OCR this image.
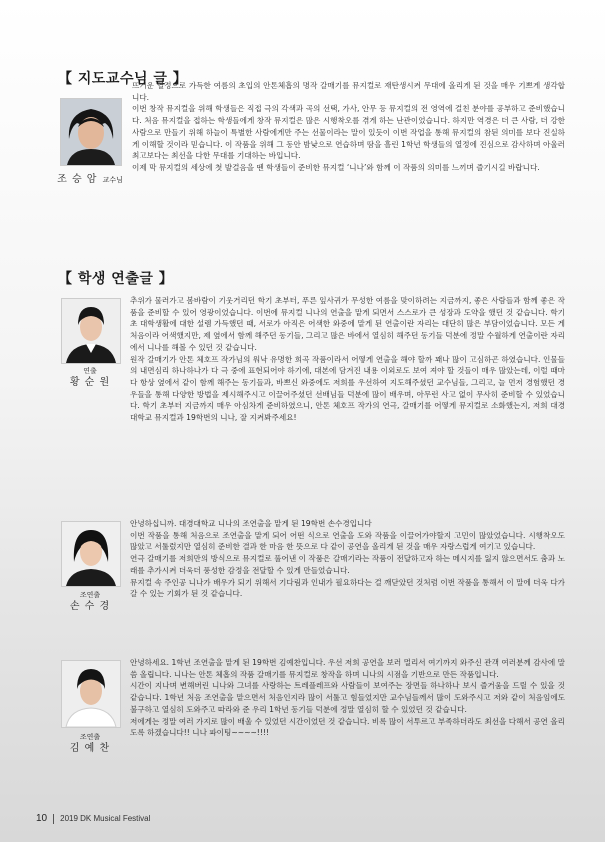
【 지도교수님 글 】
조 승 암 교수님

뜨거운 열정으로 가득한 여름의 초입의 안톤체홉의 명작 갈매기를 뮤지컬로 재탄생시켜 무대에 올리게 된 것을 매우 기쁘게 생각합니다.

이번 창작 뮤지컬을 위해 학생들은 직접 극의 각색과 곡의 선택, 가사, 안무 등 뮤지컬의 전 영역에 걸친 분야를 공부하고 준비했습니다. 처음 뮤지컬을 접하는 학생들에게 창작 뮤지컬은 많은 시행착오를 겪게 하는 난관이었습니다. 하지만 역경은 더 큰 사람, 더 강한 사람으로 만들기 위해 하늘이 특별한 사람에게만 주는 선물이라는 말이 있듯이 이번 작업을 통해 뮤지컬의 참된 의미를 보다 진실하게 이해할 것이라 믿습니다. 이 작품을 위해 그 동안 밤낮으로 연습하며 땀을 흘린 1학년 학생들의 열정에 진심으로 감사하며 아울러 최고보다는 최선을 다한 무대를 기대하는 바입니다.

이제 막 뮤지컬의 세상에 첫 발걸음을 뗀 학생들이 준비한 뮤지컬 ‘니나’와 함께 이 작품의 의미를 느끼며 즐기시길 바랍니다.

【 학생 연출글 】
연출
황 순 원

추위가 물러가고 봄바람이 기웃거리던 학기 초부터, 푸른 잎사귀가 무성한 여름을 맞이하려는 지금까지, 좋은 사람들과 함께 좋은 작품을 준비할 수 있어 영광이었습니다. 이번에 뮤지컬 니나의 연출을 맡게 되면서 스스로가 큰 성장과 도약을 했던 것 같습니다. 학기 초 대학생활에 대한 설렘 가득했던 때, 서로가 아직은 어색한 와중에 맡게 된 연출이란 자리는 대단히 많은 부담이었습니다. 모든 게 처음이라 어색했지만, 제 옆에서 함께 해주던 동기들, 그리고 많은 바에서 열심히 해주던 동기들 덕분에 정말 수월하게 연출이란 자리에서 니나를 해볼 수 있던 것 같습니다.

원작 갈매기가 안톤 체호프 작가님의 워낙 유명한 희곡 작품이라서 어떻게 연출을 해야 할까 꽤나 많이 고심하곤 하였습니다. 인물들의 내면심리 하나하나가 다 극 중에 표현되어야 하기에, 대본에 담겨진 내용 이외로도 보여 져야 할 것들이 매우 많았는데, 이럴 때마다 항상 옆에서 같이 함께 해주는 동기들과, 바쁘신 와중에도 저희를 우선하여 지도해주셨던 교수님들, 그리고, 늘 먼저 경험했던 경우들을 통해 다양한 방법을 제시해주시고 이끌어주셨던 선배님들 덕분에 많이 배우며, 아무런 사고 없이 무사히 준비할 수 있었습니다. 학기 초부터 지금까지 매우 아심차게 준비하였으니, 안톤 체호프 작가의 연극, 갈매기를 어떻게 뮤지컬로 소화했는지, 저희 대경대학교 뮤지컬과 19학번의 니나, 잘 지켜봐주세요!

조연출
손 수 경

안녕하십니까. 대경대학교 니나의 조연출을 맡게 된 19학번 손수경입니다

이번 작품을 통해 처음으로 조연출을 맡게 되어 어떤 식으로 연출을 도와 작품을 이끌어가야할지 고민이 많았었습니다. 시행착오도 많았고 서툴렀지만 열심히 준비한 결과 한 마음 한 뜻으로 다 같이 공연을 올리게 된 것을 매우 자랑스럽게 여기고 있습니다.

연극 갈매기를 저희만의 방식으로 뮤지컬로 풀어낸 이 작품은 갈매기라는 작품이 전달하고자 하는 메시지를 잃지 않으면서도 춤과 노래를 추가시켜 더욱더 풍성한 감정을 전달할 수 있게 만들었습니다.

뮤지컬 속 주인공 니나가 배우가 되기 위해서 기다림과 인내가 필요하다는 걸 깨닫았던 것처럼 이번 작품을 통해서 이 말에 더욱 다가갈 수 있는 기회가 된 것 같습니다.

조연출
김 예 찬

안녕하세요. 1학년 조연출을 맡게 된 19학번 김예찬입니다. 우선 저희 공연을 보러 멀리서 여기까지 와주신 관객 여러분께 감사에 말씀 올립니다. 니나는 안톤 체홉의 작품 갈매기를 뮤지컬로 창작을 하며 니나의 시점을 기반으로 만든 작품입니다.

시간이 지나며 변해버린 니나와 그녀를 사랑하는 트레플레프와 사람들이 보여주는 장면들 하나하나 보시 즐거움을 드릴 수 있을 것 같습니다. 1학년 처음 조연출을 맡으면서 처음인지라 많이 서툴고 힘들었지만 교수님들께서 많이 도와주시고 저와 같이 처음임에도 불구하고 열심히 도와주고 따라와 준 우리 1학년 동기들 덕분에 정말 열심히 할 수 있었던 것 같습니다.

저에게는 정말 여러 가지로 많이 배울 수 있었던 시간이었던 것 같습니다. 비록 많이 서투르고 부족하더라도 최선을 다해서 공연 올리도록 하겠습니다!! 니나 파이팅~~~~!!!!

10 2019 DK Musical Festival
